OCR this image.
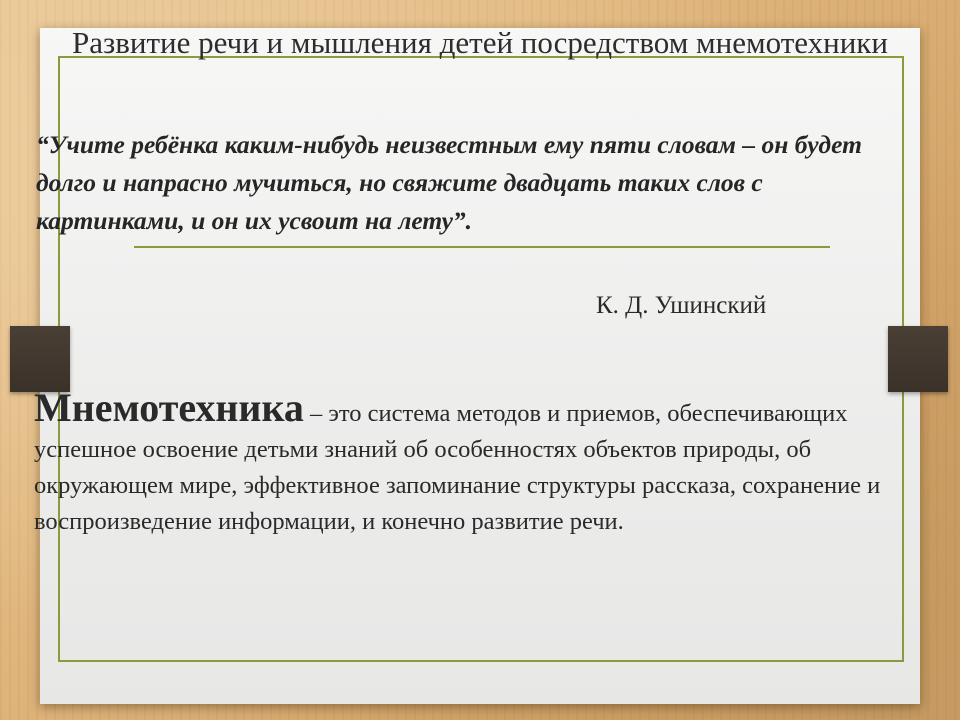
Развитие речи и мышления детей посредством мнемотехники

“Учите ребёнка каким-нибудь неизвестным ему пяти словам – он будет долго и напрасно мучиться, но свяжите двадцать таких слов с картинками, и он их усвоит на лету”.

К. Д. Ушинский

Мнемотехника – это система методов и приемов, обеспечивающих успешное освоение детьми знаний об особенностях объектов природы, об окружающем мире, эффективное запоминание структуры рассказа, сохранение и воспроизведение информации, и конечно развитие речи.
